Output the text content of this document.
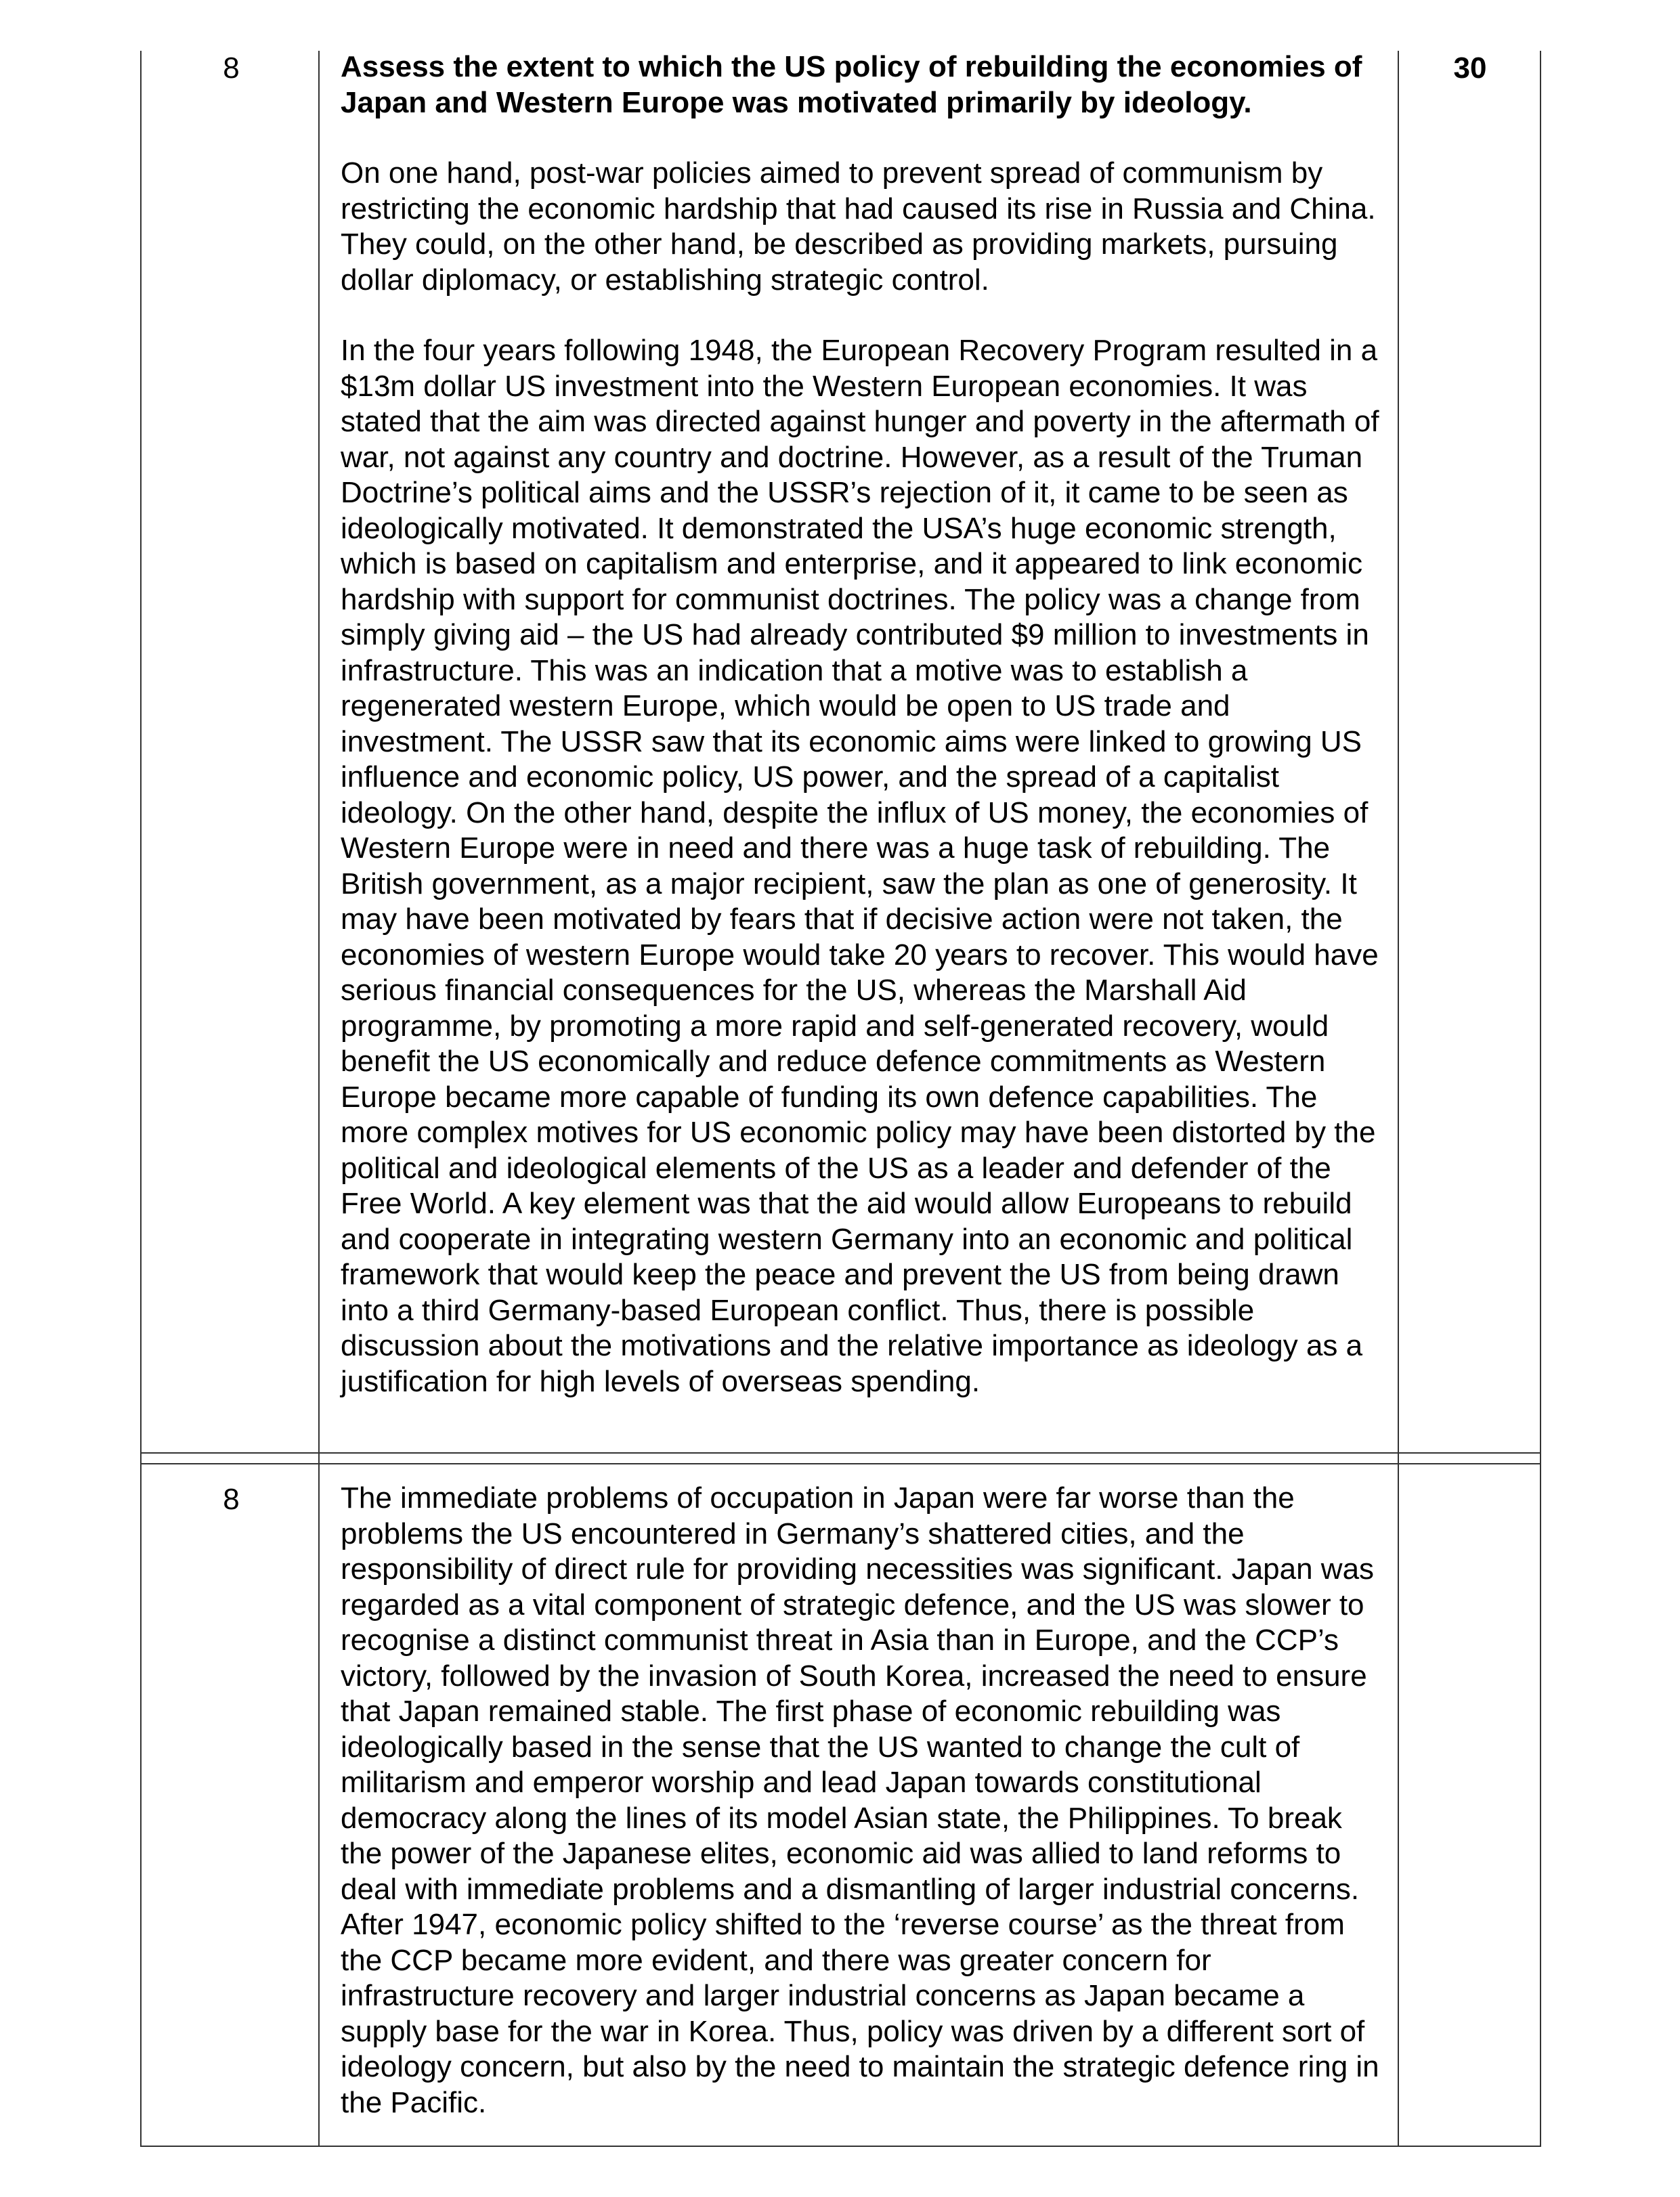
8	Assess the extent to which the US policy of rebuilding the economies of Japan and Western Europe was motivated primarily by ideology.

On one hand, post-war policies aimed to prevent spread of communism by restricting the economic hardship that had caused its rise in Russia and China. They could, on the other hand, be described as providing markets, pursuing dollar diplomacy, or establishing strategic control.

In the four years following 1948, the European Recovery Program resulted in a $13m dollar US investment into the Western European economies. It was stated that the aim was directed against hunger and poverty in the aftermath of war, not against any country and doctrine. However, as a result of the Truman Doctrine’s political aims and the USSR’s rejection of it, it came to be seen as ideologically motivated. It demonstrated the USA’s huge economic strength, which is based on capitalism and enterprise, and it appeared to link economic hardship with support for communist doctrines. The policy was a change from simply giving aid – the US had already contributed $9 million to investments in infrastructure. This was an indication that a motive was to establish a regenerated western Europe, which would be open to US trade and investment. The USSR saw that its economic aims were linked to growing US influence and economic policy, US power, and the spread of a capitalist ideology. On the other hand, despite the influx of US money, the economies of Western Europe were in need and there was a huge task of rebuilding. The British government, as a major recipient, saw the plan as one of generosity. It may have been motivated by fears that if decisive action were not taken, the economies of western Europe would take 20 years to recover. This would have serious financial consequences for the US, whereas the Marshall Aid programme, by promoting a more rapid and self-generated recovery, would benefit the US economically and reduce defence commitments as Western Europe became more capable of funding its own defence capabilities. The more complex motives for US economic policy may have been distorted by the political and ideological elements of the US as a leader and defender of the Free World. A key element was that the aid would allow Europeans to rebuild and cooperate in integrating western Germany into an economic and political framework that would keep the peace and prevent the US from being drawn into a third Germany-based European conflict. Thus, there is possible discussion about the motivations and the relative importance as ideology as a justification for high levels of overseas spending.

30
8	The immediate problems of occupation in Japan were far worse than the problems the US encountered in Germany’s shattered cities, and the responsibility of direct rule for providing necessities was significant. Japan was regarded as a vital component of strategic defence, and the US was slower to recognise a distinct communist threat in Asia than in Europe, and the CCP’s victory, followed by the invasion of South Korea, increased the need to ensure that Japan remained stable. The first phase of economic rebuilding was ideologically based in the sense that the US wanted to change the cult of militarism and emperor worship and lead Japan towards constitutional democracy along the lines of its model Asian state, the Philippines. To break the power of the Japanese elites, economic aid was allied to land reforms to deal with immediate problems and a dismantling of larger industrial concerns. After 1947, economic policy shifted to the ‘reverse course’ as the threat from the CCP became more evident, and there was greater concern for infrastructure recovery and larger industrial concerns as Japan became a supply base for the war in Korea. Thus, policy was driven by a different sort of ideology concern, but also by the need to maintain the strategic defence ring in the Pacific.
